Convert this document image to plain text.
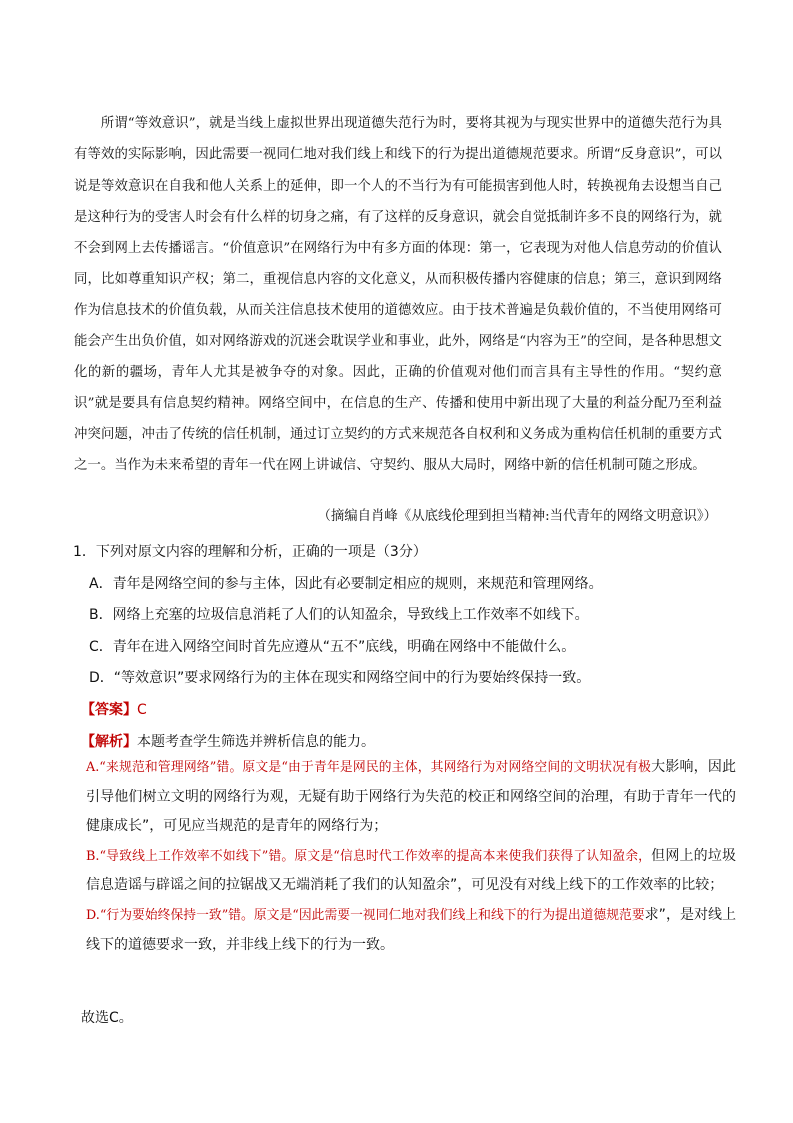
所谓“等效意识”，就是当线上虚拟世界出现道德失范行为时，要将其视为与现实世界中的道德失范行为具有等效的实际影响，因此需要一视同仁地对我们线上和线下的行为提出道德规范要求。所谓“反身意识”，可以说是等效意识在自我和他人关系上的延伸，即一个人的不当行为有可能损害到他人时，转换视角去设想当自己是这种行为的受害人时会有什么样的切身之痛，有了这样的反身意识，就会自觉抵制许多不良的网络行为，就不会到网上去传播谣言。“价值意识”在网络行为中有多方面的体现：第一，它表现为对他人信息劳动的价值认同，比如尊重知识产权；第二，重视信息内容的文化意义，从而积极传播内容健康的信息；第三，意识到网络作为信息技术的价值负载，从而关注信息技术使用的道德效应。由于技术普遍是负载价值的，不当使用网络可能会产生出负价值，如对网络游戏的沉迷会耽误学业和事业，此外，网络是“内容为王”的空间，是各种思想文化的新的疆场，青年人尤其是被争夺的对象。因此，正确的价值观对他们而言具有主导性的作用。“契约意识”就是要具有信息契约精神。网络空间中，在信息的生产、传播和使用中新出现了大量的利益分配乃至利益冲突问题，冲击了传统的信任机制，通过订立契约的方式来规范各自权利和义务成为重构信任机制的重要方式之一。当作为未来希望的青年一代在网上讲诚信、守契约、服从大局时，网络中新的信任机制可随之形成。

（摘编自肖峰《从底线伦理到担当精神:当代青年的网络文明意识》）

1．下列对原文内容的理解和分析，正确的一项是（3分）

A．青年是网络空间的参与主体，因此有必要制定相应的规则，来规范和管理网络。
B．网络上充塞的垃圾信息消耗了人们的认知盈余，导致线上工作效率不如线下。
C．青年在进入网络空间时首先应遵从“五不”底线，明确在网络中不能做什么。
D．“等效意识”要求网络行为的主体在现实和网络空间中的行为要始终保持一致。
【答案】C
【解析】本题考查学生筛选并辨析信息的能力。

A.“来规范和管理网络”错。原文是“由于青年是网民的主体，其网络行为对网络空间的文明状况有极大影响，因此引导他们树立文明的网络行为观，无疑有助于网络行为失范的校正和网络空间的治理，有助于青年一代的健康成长”，可见应当规范的是青年的网络行为；

B.“导致线上工作效率不如线下”错。原文是“信息时代工作效率的提高本来使我们获得了认知盈余，但网上的垃圾信息造谣与辟谣之间的拉锯战又无端消耗了我们的认知盈余”，可见没有对线上线下的工作效率的比较；

D.“行为要始终保持一致”错。原文是“因此需要一视同仁地对我们线上和线下的行为提出道德规范要求”，是对线上线下的道德要求一致，并非线上线下的行为一致。

故选C。
